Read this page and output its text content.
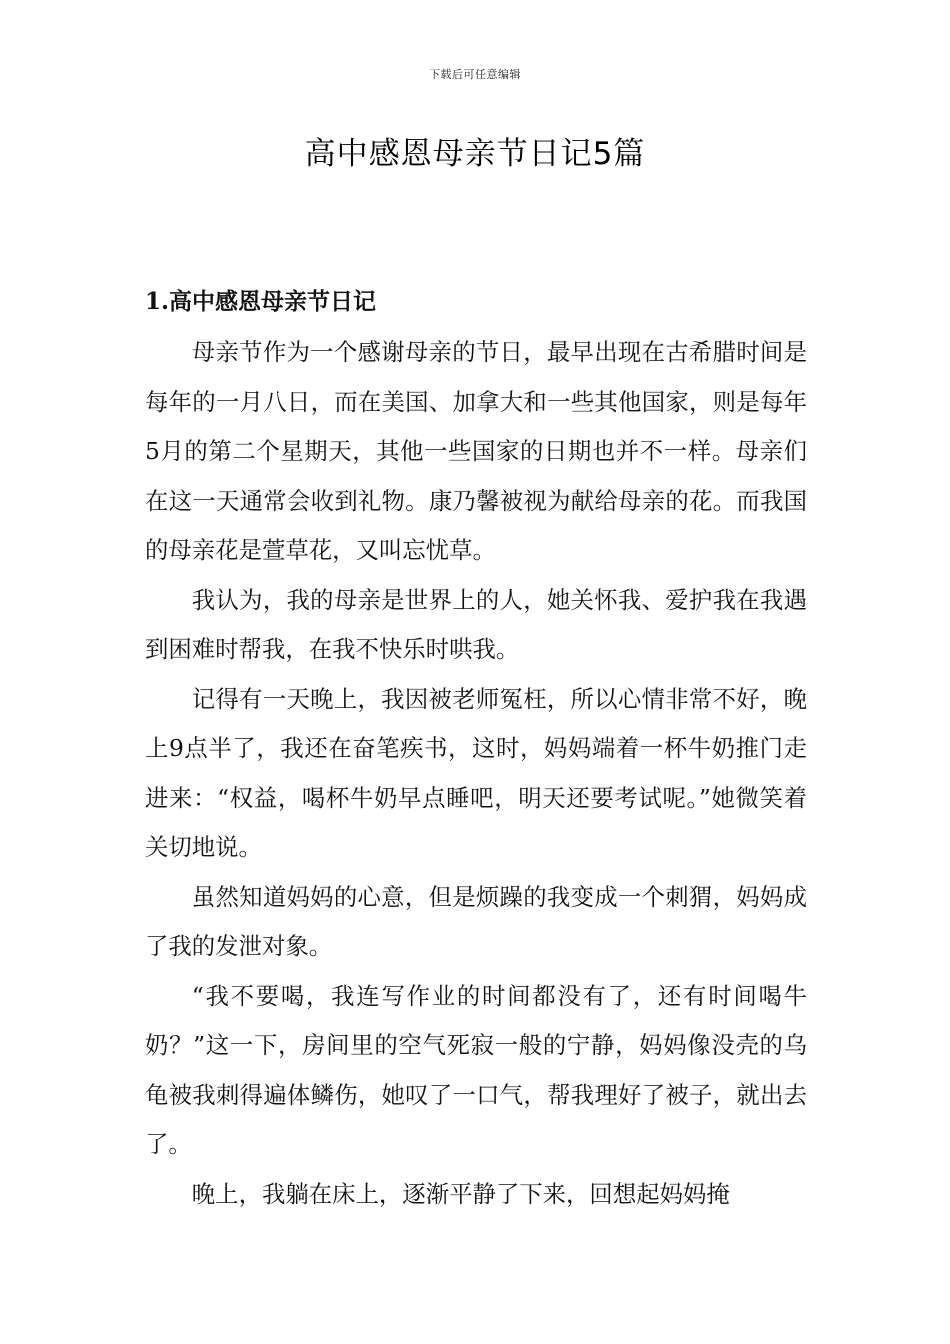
下载后可任意编辑
高中感恩母亲节日记5篇
1.高中感恩母亲节日记

母亲节作为一个感谢母亲的节日，最早出现在古希腊时间是每年的一月八日，而在美国、加拿大和一些其他国家，则是每年5月的第二个星期天，其他一些国家的日期也并不一样。母亲们在这一天通常会收到礼物。康乃馨被视为献给母亲的花。而我国的母亲花是萱草花，又叫忘忧草。

我认为，我的母亲是世界上的人，她关怀我、爱护我在我遇到困难时帮我，在我不快乐时哄我。

记得有一天晚上，我因被老师冤枉，所以心情非常不好，晚上9点半了，我还在奋笔疾书，这时，妈妈端着一杯牛奶推门走进来：“权益，喝杯牛奶早点睡吧，明天还要考试呢。”她微笑着关切地说。

虽然知道妈妈的心意，但是烦躁的我变成一个刺猬，妈妈成了我的发泄对象。

“我不要喝，我连写作业的时间都没有了，还有时间喝牛奶？”这一下，房间里的空气死寂一般的宁静，妈妈像没壳的乌龟被我刺得遍体鳞伤，她叹了一口气，帮我理好了被子，就出去了。

晚上，我躺在床上，逐渐平静了下来，回想起妈妈掩
